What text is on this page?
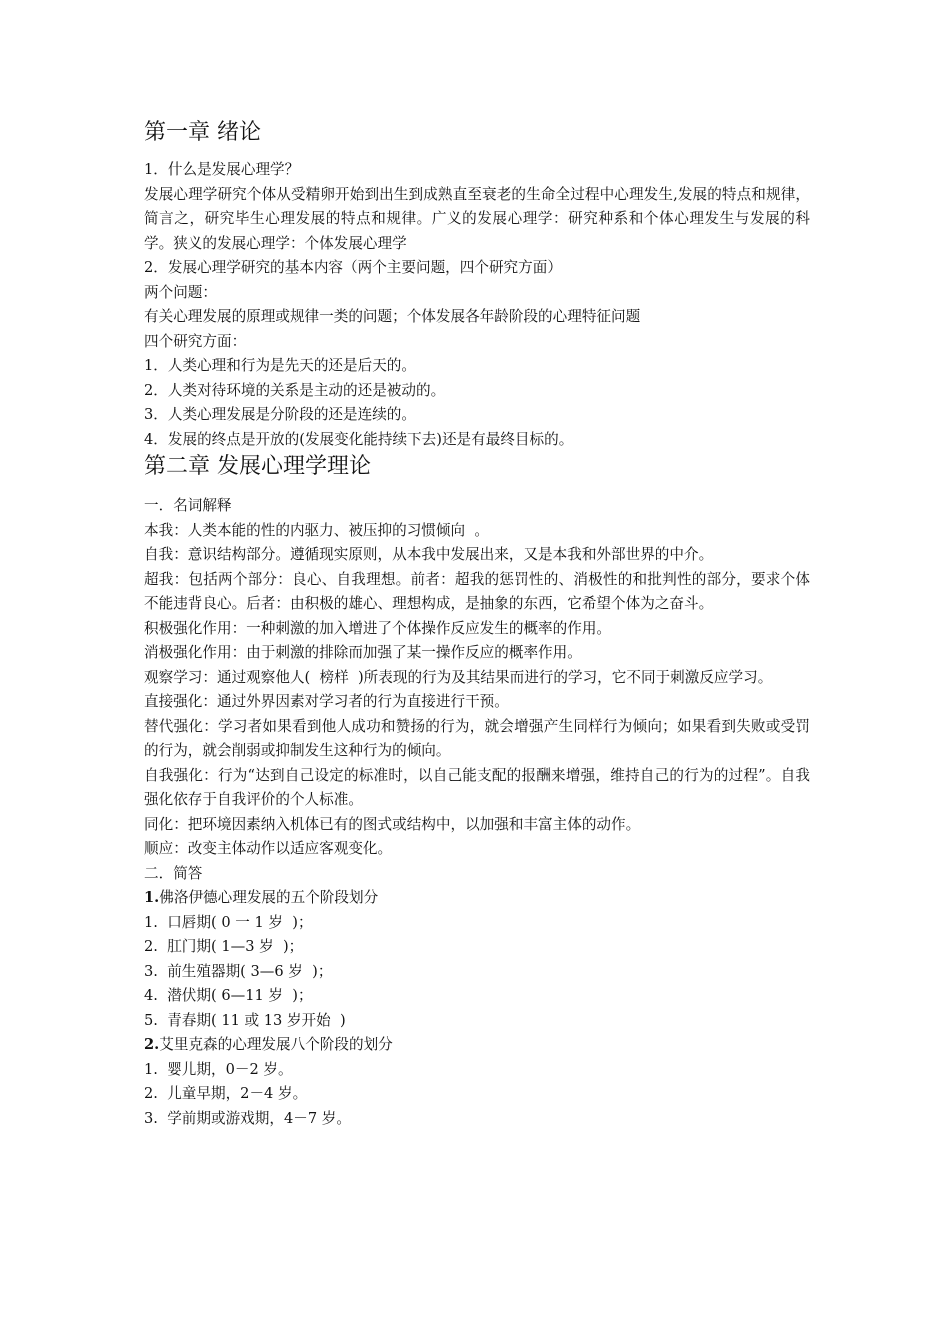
第一章 绪论

1．什么是发展心理学？

发展心理学研究个体从受精卵开始到出生到成熟直至衰老的生命全过程中心理发生,发展的特点和规律，简言之，研究毕生心理发展的特点和规律。广义的发展心理学：研究种系和个体心理发生与发展的科学。狭义的发展心理学：个体发展心理学

2．发展心理学研究的基本内容（两个主要问题，四个研究方面）

两个问题：

有关心理发展的原理或规律一类的问题；个体发展各年龄阶段的心理特征问题

四个研究方面：

1．人类心理和行为是先天的还是后天的。

2．人类对待环境的关系是主动的还是被动的。

3．人类心理发展是分阶段的还是连续的。

4．发展的终点是开放的(发展变化能持续下去)还是有最终目标的。

第二章 发展心理学理论

一．名词解释

本我：人类本能的性的内驱力、被压抑的习惯倾向  。

自我：意识结构部分。遵循现实原则，从本我中发展出来，又是本我和外部世界的中介。

超我：包括两个部分：良心、自我理想。前者：超我的惩罚性的、消极性的和批判性的部分，要求个体不能违背良心。后者：由积极的雄心、理想构成，是抽象的东西，它希望个体为之奋斗。

积极强化作用：一种刺激的加入增进了个体操作反应发生的概率的作用。

消极强化作用：由于刺激的排除而加强了某一操作反应的概率作用。

观察学习：通过观察他人(  榜样  )所表现的行为及其结果而进行的学习，它不同于刺激反应学习。

直接强化：通过外界因素对学习者的行为直接进行干预。

替代强化：学习者如果看到他人成功和赞扬的行为，就会增强产生同样行为倾向；如果看到失败或受罚的行为，就会削弱或抑制发生这种行为的倾向。

自我强化：行为“达到自己设定的标准时，以自己能支配的报酬来增强，维持自己的行为的过程”。自我强化依存于自我评价的个人标准。

同化：把环境因素纳入机体已有的图式或结构中，以加强和丰富主体的动作。

顺应：改变主体动作以适应客观变化。

二．简答

1.佛洛伊德心理发展的五个阶段划分

1.  口唇期( 0 一 1 岁  )；

2.  肛门期( 1—3 岁  )；

3.  前生殖器期( 3—6 岁  )；

4.  潜伏期( 6—11 岁  )；

5.  青春期( 11 或 13 岁开始  )

2.艾里克森的心理发展八个阶段的划分

1.  婴儿期，0－2 岁。

2.  儿童早期，2－4 岁。

3.  学前期或游戏期，4－7 岁。
